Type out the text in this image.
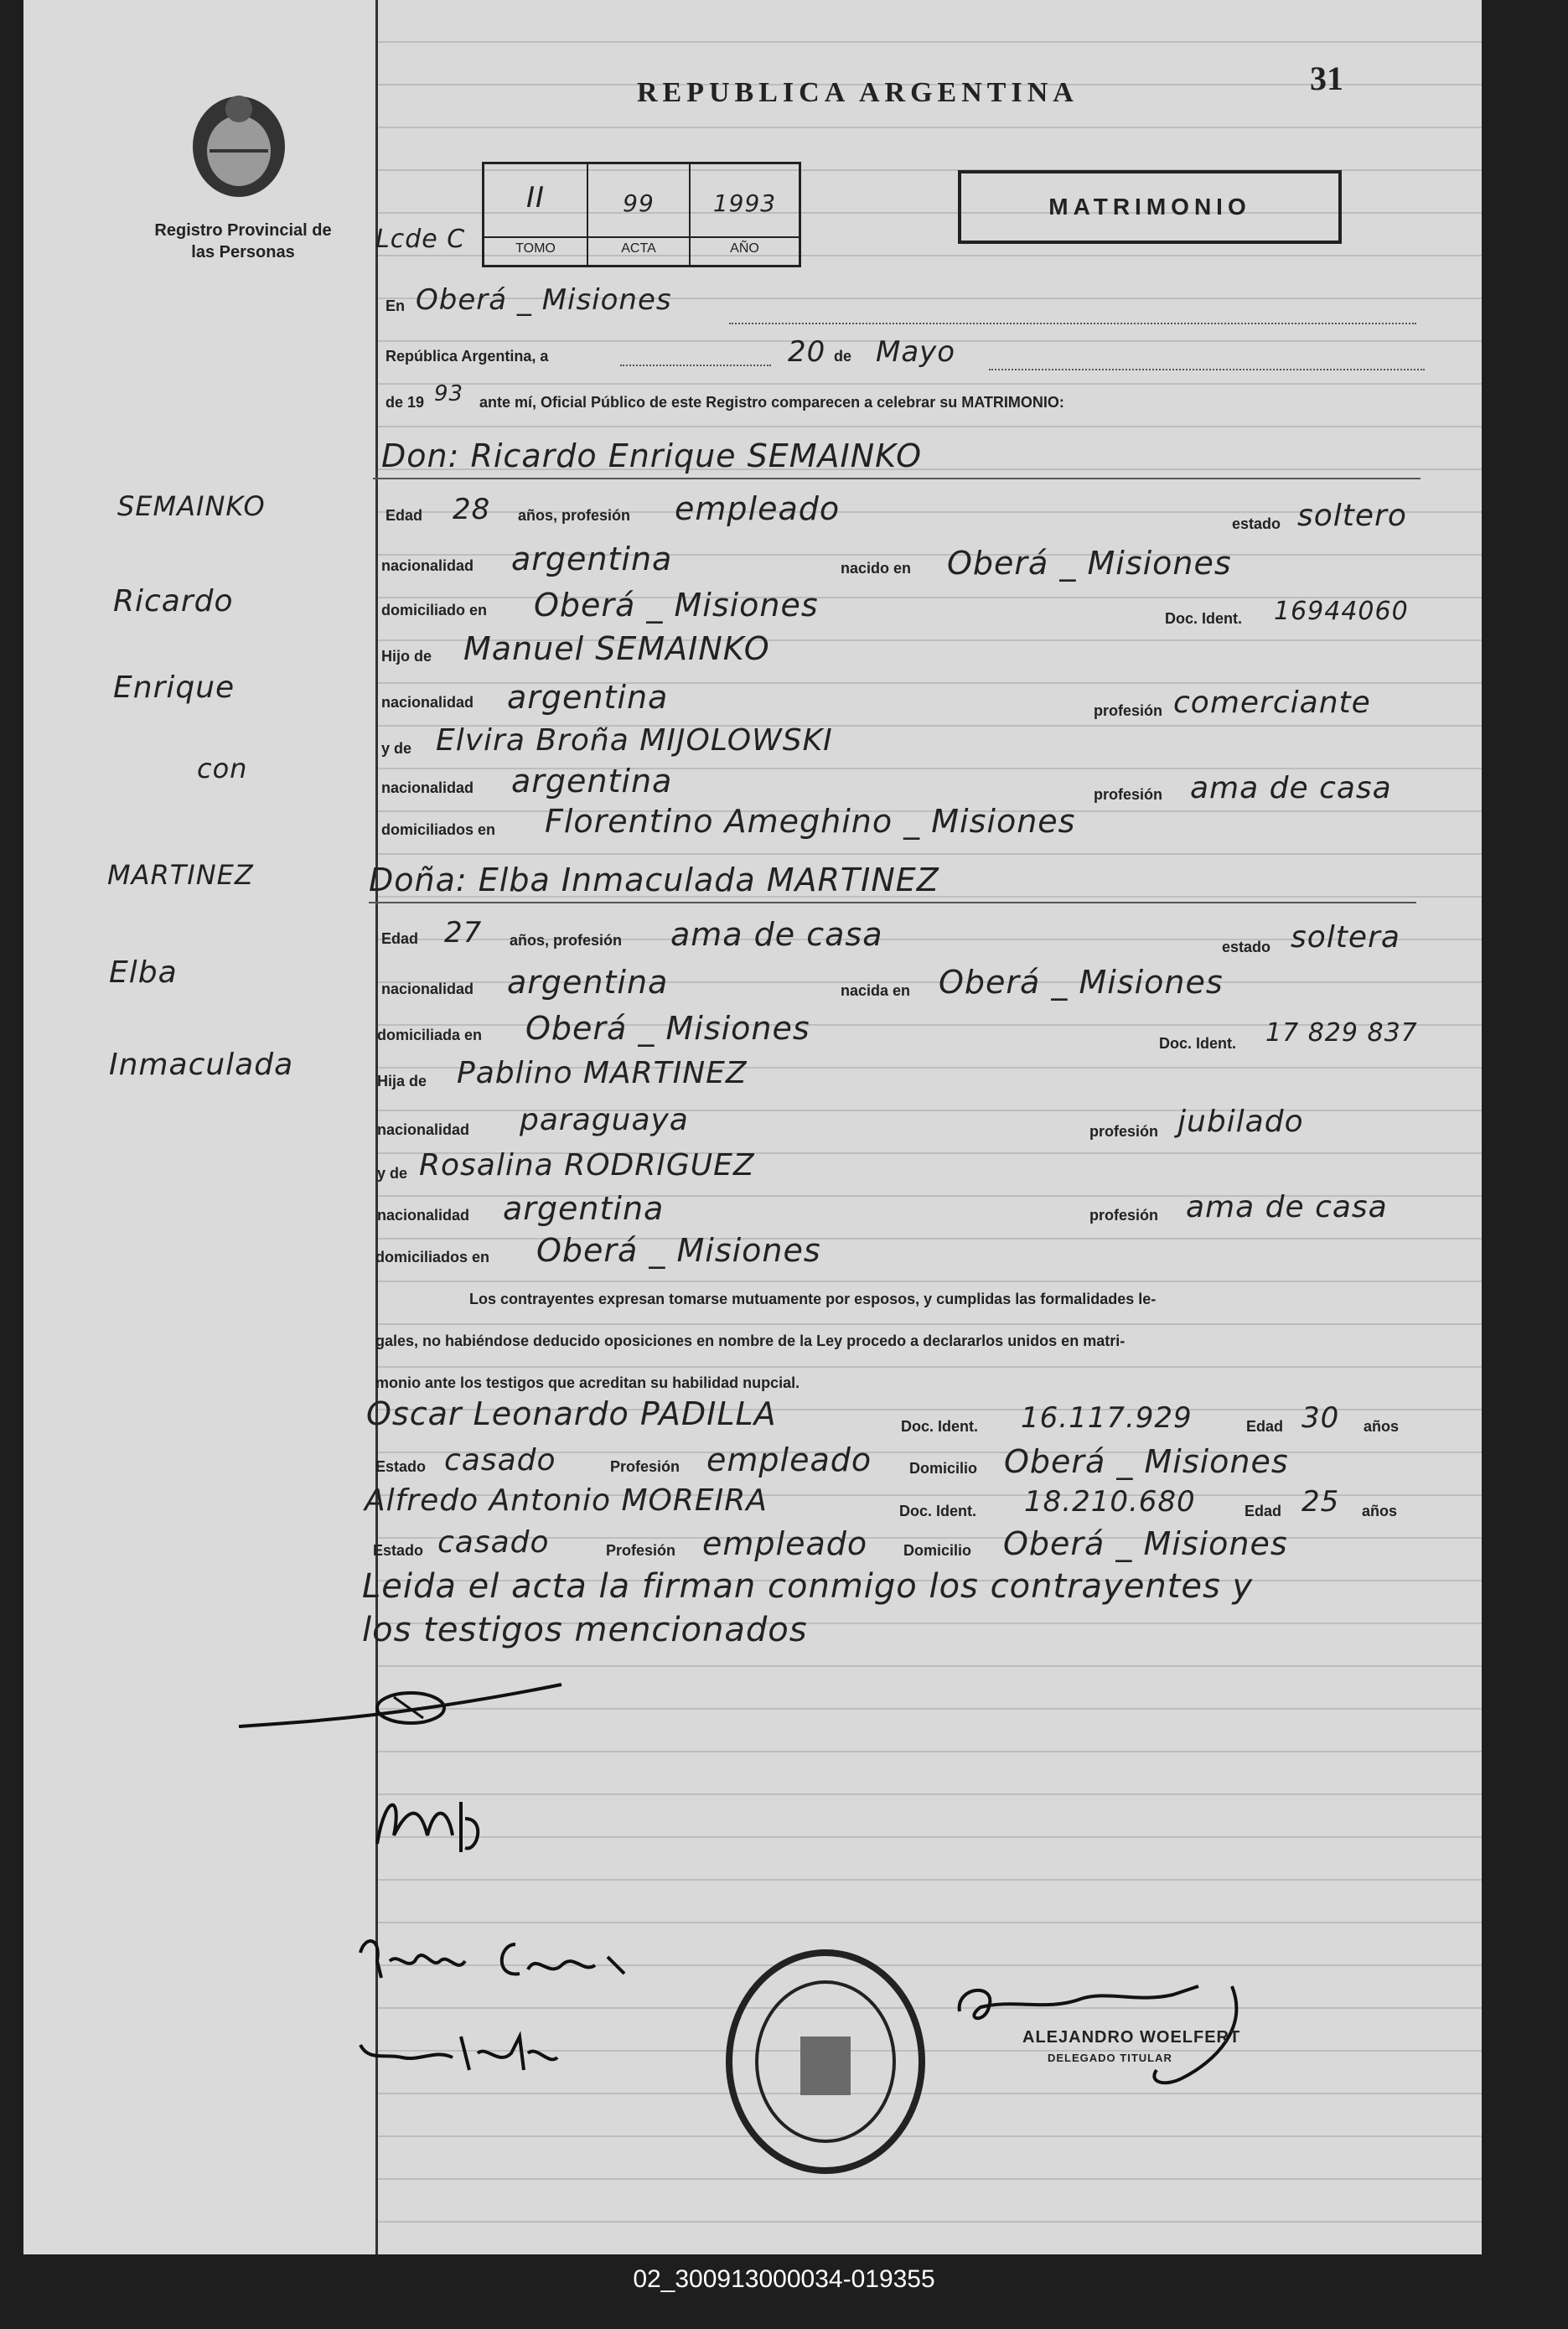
Registro Provincial de las Personas
REPUBLICA ARGENTINA	31
Lcde C
II
TOMO
99
ACTA
1993
AÑO
MATRIMONIO
En Oberá _ Misiones
República Argentina, a	20 de Mayo
de 19 93 ante mí, Oficial Público de este Registro comparecen a celebrar su MATRIMONIO:
SEMAINKO
Ricardo
Enrique
con
MARTINEZ
Elba
Inmaculada
Don: Ricardo Enrique SEMAINKO
Edad 28 años, profesión empleado	estado soltero
nacionalidad argentina	nacido en Oberá _ Misiones
domiciliado en Oberá _ Misiones	Doc. Ident. 16944060
Hijo de Manuel SEMAINKO
nacionalidad argentina	profesión comerciante
y de Elvira Broña MIJOLOWSKI
nacionalidad argentina	profesión ama de casa
domiciliados en Florentino Ameghino _ Misiones
Doña: Elba Inmaculada MARTINEZ
Edad 27 años, profesión ama de casa	estado soltera
nacionalidad argentina	nacida en Oberá _ Misiones
domiciliada en Oberá _ Misiones	Doc. Ident. 17 829 837
Hija de Pablino MARTINEZ
nacionalidad paraguaya	profesión jubilado
y de Rosalina RODRIGUEZ
nacionalidad argentina	profesión ama de casa
domiciliados en Oberá _ Misiones
Los contrayentes expresan tomarse mutuamente por esposos, y cumplidas las formalidades le-
gales, no habiéndose deducido oposiciones en nombre de la Ley procedo a declararlos unidos en matri-
monio ante los testigos que acreditan su habilidad nupcial.
Oscar Leonardo PADILLA	Doc. Ident. 16.117.929	Edad 30 años
Estado casado	Profesión empleado Domicilio Oberá _ Misiones
Alfredo Antonio MOREIRA	Doc. Ident. 18.210.680	Edad 25 años
Estado casado	Profesión empleado Domicilio Oberá _ Misiones
Leida el acta la firman conmigo los contrayentes y
los testigos mencionados
ALEJANDRO WOELFERT
DELEGADO TITULAR
02_300913000034-019355
